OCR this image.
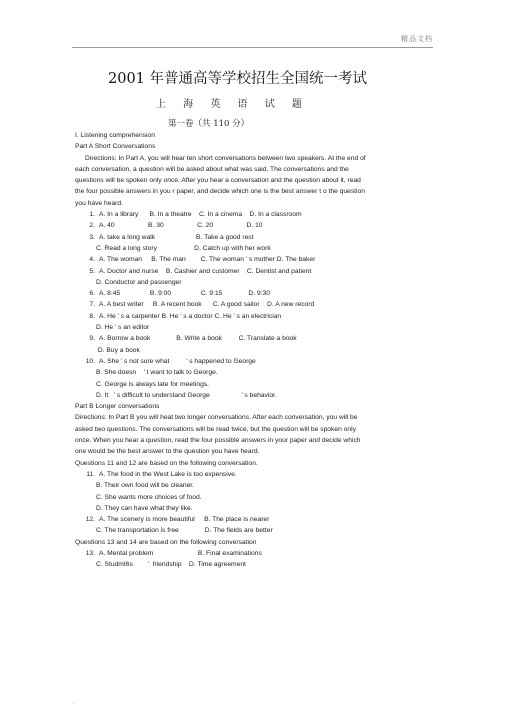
精品文档
2001 年普通高等学校招生全国统一考试
上 海 英 语 试 题
第一卷（共 110 分）
I. Listening comprehension
Part A Short Conversations
Directions: In Part A, you will hear ten short conversations between two speakers. At the end of
each conversation, a question will be asked about what was said. The conversations and the
questions will be spoken only once. After you hear a conversation and the question about it, read
the four possible answers in you r paper, and decide which one is the best answer t o the question
you have heard.
1. A. In a library      B. In a theatre    C. In a cinema    D. In a classroom
2. A. 40                  B. 30                  C. 20                  D. 10
3. A. take a long walk                      B. Take a good rest
C. Read a long story                    D. Catch up with her work
4. A. The woman     B. The man        C. The woman ’ s mother D. The baker
5. A. Doctor and nurse    B. Cashier and customer    C. Dentist and patient
D. Conductor and passenger
6. A. 8:45                B. 9:00                C. 9:15              D. 9:30
7. A. A best writer     B. A recent book      C. A good sailor    D. A new record
8. A. He ’ s a carpenter B. He ’ s a doctor C. He ’ s an electrician
D. He ’ s an editor
9. A. Borrow a book              B. Write a book         C. Translate a book
D. Buy a book
10. A. She ’ s not sure what         ’ s happened to George
B. She doesn    ’ t want to talk to George.
C. George is always late for meetings.
D. It   ’ s difficult to understand George                 ’ s behavior.
Part B Longer conversations
Directions: In Part B you will heat two longer conversations. After each conversation, you will be
asked two questions. The conversations will be read twice, but the question will be spoken only
once. When you hear a question, read the four possible answers in your paper and decide which
one would be the best answer to the question you have heard.
Questions 11 and 12 are based on the following conversation.
11. A. The food in the West Lake is too expensive.
B. Their own food will be cleaner.
C. She wants more choices of food.
D. They can have what they like.
12. A. The scenery is more beautiful     B. The place is nearer
C. The transportation is free              D. The fields are better
Questions 13 and 14 are based on the following conversation
13. A. Mental problem                        B. Final examinations
C. Studmt6s        ’  friendship    D. Time agreement
.
